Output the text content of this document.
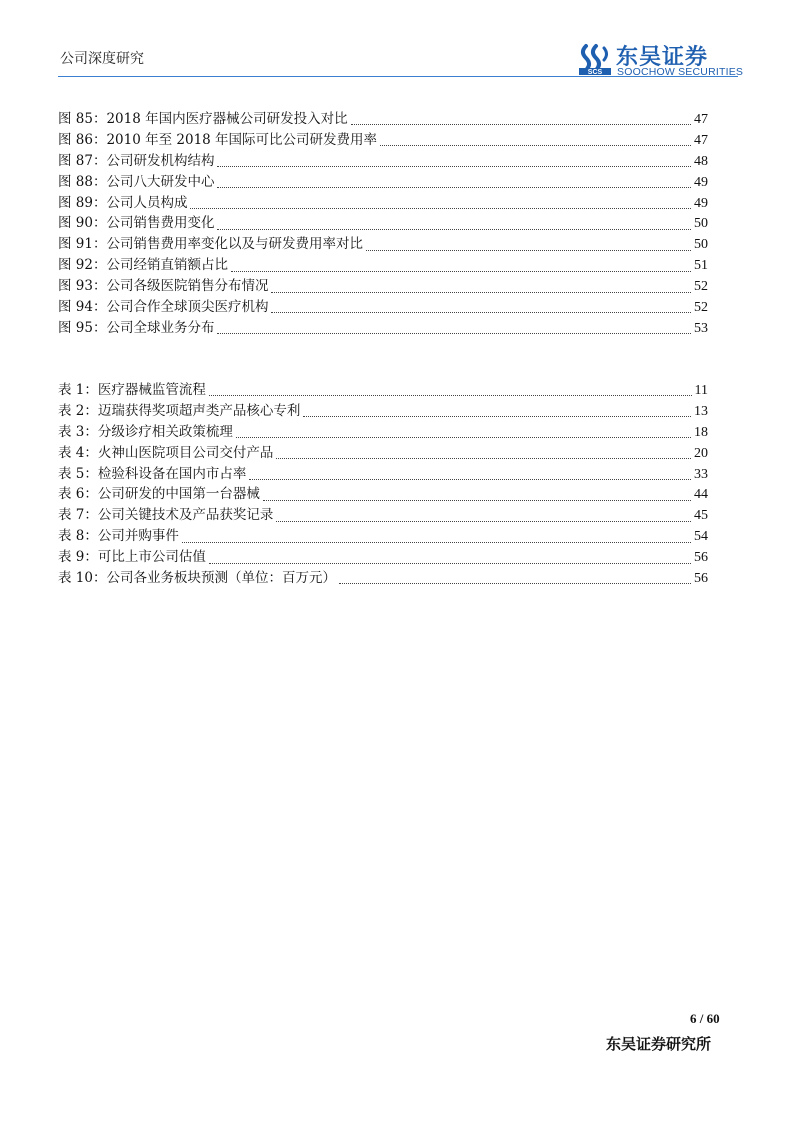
公司深度研究
SCS
东吴证券
SOOCHOW SECURITIES
图 85：2018 年国内医疗器械公司研发投入对比	47
图 86：2010 年至 2018 年国际可比公司研发费用率	47
图 87：公司研发机构结构	48
图 88：公司八大研发中心	49
图 89：公司人员构成	49
图 90：公司销售费用变化	50
图 91：公司销售费用率变化以及与研发费用率对比	50
图 92：公司经销直销额占比	51
图 93：公司各级医院销售分布情况	52
图 94：公司合作全球顶尖医疗机构	52
图 95：公司全球业务分布	53
表 1：医疗器械监管流程	11
表 2：迈瑞获得奖项超声类产品核心专利	13
表 3：分级诊疗相关政策梳理	18
表 4：火神山医院项目公司交付产品	20
表 5：检验科设备在国内市占率	33
表 6：公司研发的中国第一台器械	44
表 7：公司关键技术及产品获奖记录	45
表 8：公司并购事件	54
表 9：可比上市公司估值	56
表 10：公司各业务板块预测（单位：百万元）	56
6 / 60
东吴证券研究所
